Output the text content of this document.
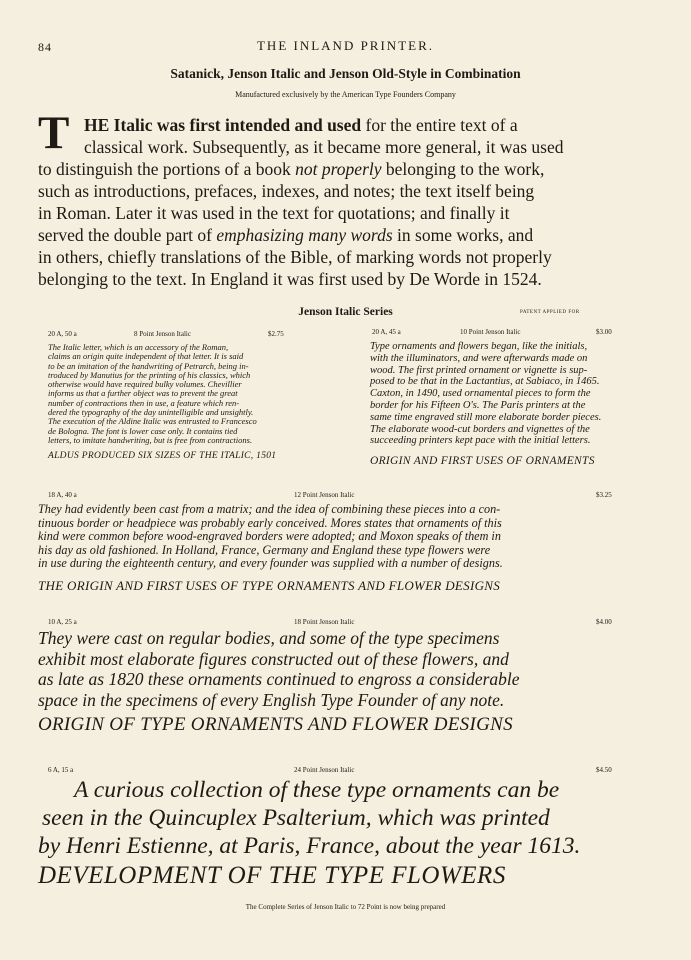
84	THE INLAND PRINTER.
Satanick, Jenson Italic and Jenson Old-Style in Combination
Manufactured exclusively by the American Type Founders Company
T HE Italic was first intended and used for the entire text of a
classical work. Subsequently, as it became more general, it was used
to distinguish the portions of a book not properly belonging to the work,
such as introductions, prefaces, indexes, and notes; the text itself being
in Roman. Later it was used in the text for quotations; and finally it
served the double part of emphasizing many words in some works, and
in others, chiefly translations of the Bible, of marking words not properly
belonging to the text. In England it was first used by De Worde in 1524.
Jenson Italic Series	PATENT APPLIED FOR
20 A, 50 a	8 Point Jenson Italic	$2.75
The Italic letter, which is an accessory of the Roman,
claims an origin quite independent of that letter. It is said
to be an imitation of the handwriting of Petrarch, being in-
troduced by Manutius for the printing of his classics, which
otherwise would have required bulky volumes. Chevillier
informs us that a further object was to prevent the great
number of contractions then in use, a feature which ren-
dered the typography of the day unintelligible and unsightly.
The execution of the Aldine Italic was entrusted to Francesco
de Bologna. The font is lower case only. It contains tied
letters, to imitate handwriting, but is free from contractions.
ALDUS PRODUCED SIX SIZES OF THE ITALIC, 1501
20 A, 45 a	10 Point Jenson Italic	$3.00
Type ornaments and flowers began, like the initials,
with the illuminators, and were afterwards made on
wood. The first printed ornament or vignette is sup-
posed to be that in the Lactantius, at Sabiaco, in 1465.
Caxton, in 1490, used ornamental pieces to form the
border for his Fifteen O's. The Paris printers at the
same time engraved still more elaborate border pieces.
The elaborate wood-cut borders and vignettes of the
succeeding printers kept pace with the initial letters.
ORIGIN AND FIRST USES OF ORNAMENTS
18 A, 40 a	12 Point Jenson Italic	$3.25
They had evidently been cast from a matrix; and the idea of combining these pieces into a con-
tinuous border or headpiece was probably early conceived. Mores states that ornaments of this
kind were common before wood-engraved borders were adopted; and Moxon speaks of them in
his day as old fashioned. In Holland, France, Germany and England these type flowers were
in use during the eighteenth century, and every founder was supplied with a number of designs.
THE ORIGIN AND FIRST USES OF TYPE ORNAMENTS AND FLOWER DESIGNS
10 A, 25 a	18 Point Jenson Italic	$4.00
They were cast on regular bodies, and some of the type specimens
exhibit most elaborate figures constructed out of these flowers, and
as late as 1820 these ornaments continued to engross a considerable
space in the specimens of every English Type Founder of any note.
ORIGIN OF TYPE ORNAMENTS AND FLOWER DESIGNS
6 A, 15 a	24 Point Jenson Italic	$4.50
A curious collection of these type ornaments can be
seen in the Quincuplex Psalterium, which was printed
by Henri Estienne, at Paris, France, about the year 1613.
DEVELOPMENT OF THE TYPE FLOWERS
The Complete Series of Jenson Italic to 72 Point is now being prepared
